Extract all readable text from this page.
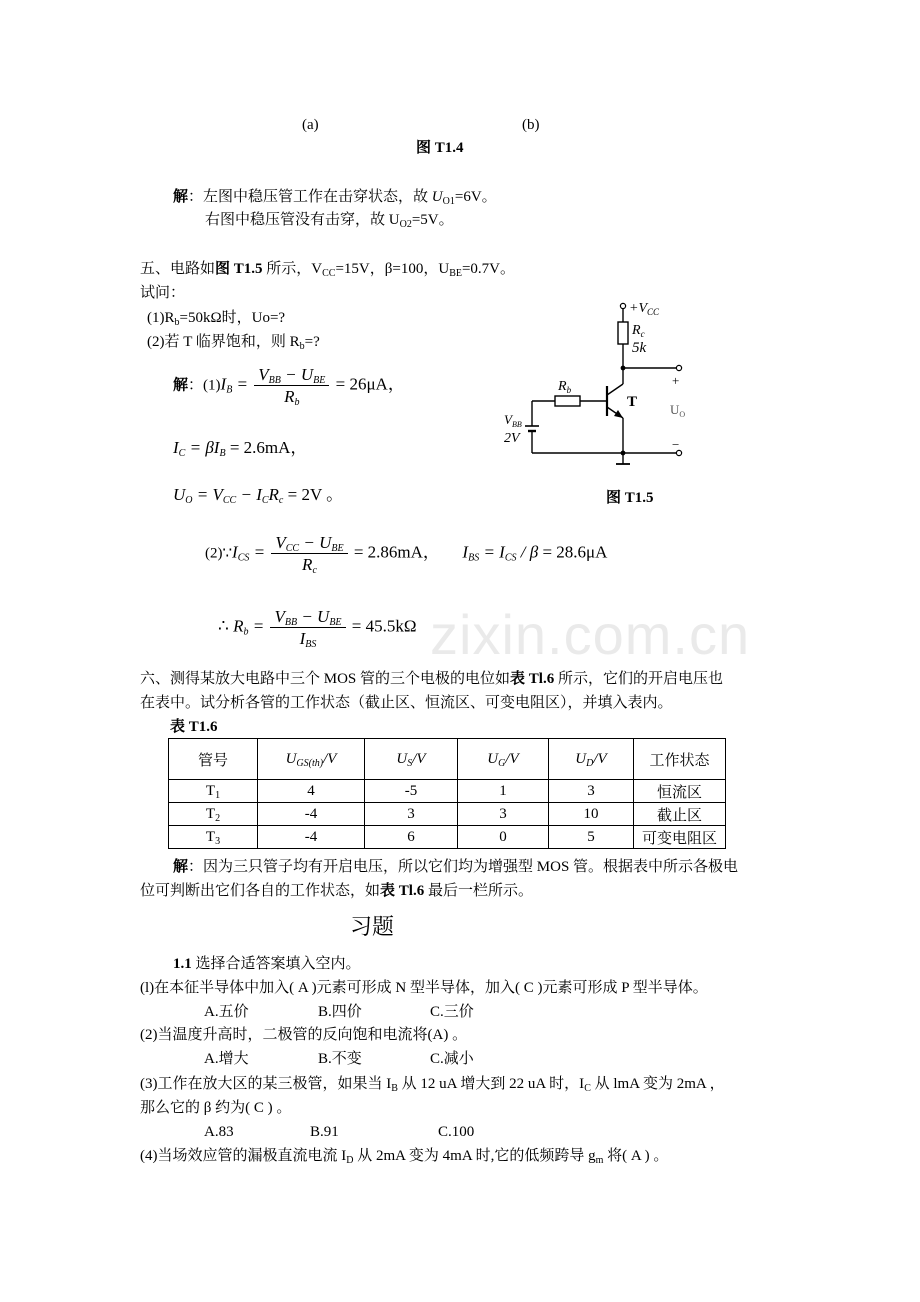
(a)	(b)
图 T1.4
解：左图中稳压管工作在击穿状态，故 $U_{O1}=6V$。
右图中稳压管没有击穿，故 $U_{O2}=5V$。
五、电路如图 T1.5 所示，$V_{CC}=15V$，β=100，$U_{BE}=0.7V$。
试问：
$(1)R_b=50k\Omega$时，Uo=?
(2)若 T 临界饱和，则 $R_b=$?
解：$(1)I_B = \frac{V_{BB} - U_{BE}}{R_b} = 26\mu A$，
$I_C = \beta I_B = 2.6mA$，
$U_O = V_{CC} - I_CR_c = 2V$ 。
$(2)\because I_{CS} = \frac{V_{CC} - U_{BE}}{R_c} = 2.86mA$，  $I_{BS} = I_{CS} / \beta = 28.6\mu A$
∴ $R_b = \frac{V_{BB} - U_{BE}}{I_{BS}} = 45.5k\Omega$
$+V_{CC}$
$R_c$
5k
$R_b$
T
$V_{BB}$
2V
+
$U_O$
−
图 T1.5
六、测得某放大电路中三个 MOS 管的三个电极的电位如表 Tl.6 所示，它们的开启电压也
在表中。试分析各管的工作状态（截止区、恒流区、可变电阻区），并填入表内。
表 T1.6
管号	$U_{GS(th)}/V$	$U_S/V$	$U_G/V$	$U_D/V$	工作状态
$T_1$	4	-5	1	3	恒流区
$T_2$	-4	3	3	10	截止区
$T_3$	-4	6	0	5	可变电阻区
解：因为三只管子均有开启电压，所以它们均为增强型 MOS 管。根据表中所示各极电
位可判断出它们各自的工作状态，如表 Tl.6 最后一栏所示。
习题
1.1 选择合适答案填入空内。
(l)在本征半导体中加入( A )元素可形成 N 型半导体，加入( C )元素可形成 P 型半导体。
A.五价	B.四价	C.三价
(2)当温度升高时，二极管的反向饱和电流将(A) 。
A.增大	B.不变	C.减小
(3)工作在放大区的某三极管，如果当 $I_B$ 从 12 uA 增大到 22 uA 时，$I_C$ 从 lmA 变为 2mA ，
那么它的 β 约为( C ) 。
A.83	B.91	C.100
(4)当场效应管的漏极直流电流 $I_D$ 从 2mA 变为 4mA 时,它的低频跨导 $g_m$ 将( A ) 。
zixin.com.cn
